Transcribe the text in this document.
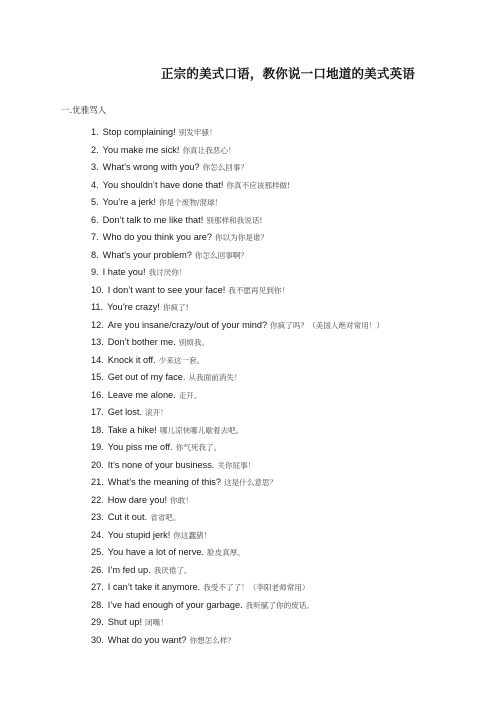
正宗的美式口语，教你说一口地道的美式英语
一.优雅骂人
1. Stop complaining! 别发牢骚！
2. You make me sick! 你真让我恶心！
3. What’s wrong with you? 你怎么回事？
4. You shouldn’t have done that! 你真不应该那样做!
5. You’re a jerk! 你是个废物/混球！
6. Don’t talk to me like that! 别那样和我说话!
7. Who do you think you are? 你以为你是谁？
8. What’s your problem? 你怎么回事啊？
9. I hate you! 我讨厌你！
10. I don’t want to see your face! 我不愿再见到你！
11. You’re crazy! 你疯了!
12. Are you insane/crazy/out of your mind? 你疯了吗？（美国人绝对常用！）
13. Don’t bother me. 别烦我。
14. Knock it off. 少来这一套。
15. Get out of my face. 从我面前消失！
16. Leave me alone. 走开。
17. Get lost. 滚开！
18. Take a hike! 哪儿凉快哪儿歇着去吧。
19. You piss me off. 你气死我了。
20. It’s none of your business. 关你屁事！
21. What’s the meaning of this? 这是什么意思？
22. How dare you! 你敢！
23. Cut it out. 省省吧。
24. You stupid jerk! 你这蠢猪！
25. You have a lot of nerve. 脸皮真厚。
26. I’m fed up. 我厌倦了。
27. I can’t take it anymore. 我受不了了！（李阳老师常用）
28. I’ve had enough of your garbage. 我听腻了你的废话。
29. Shut up! 闭嘴！
30. What do you want? 你想怎么样？
